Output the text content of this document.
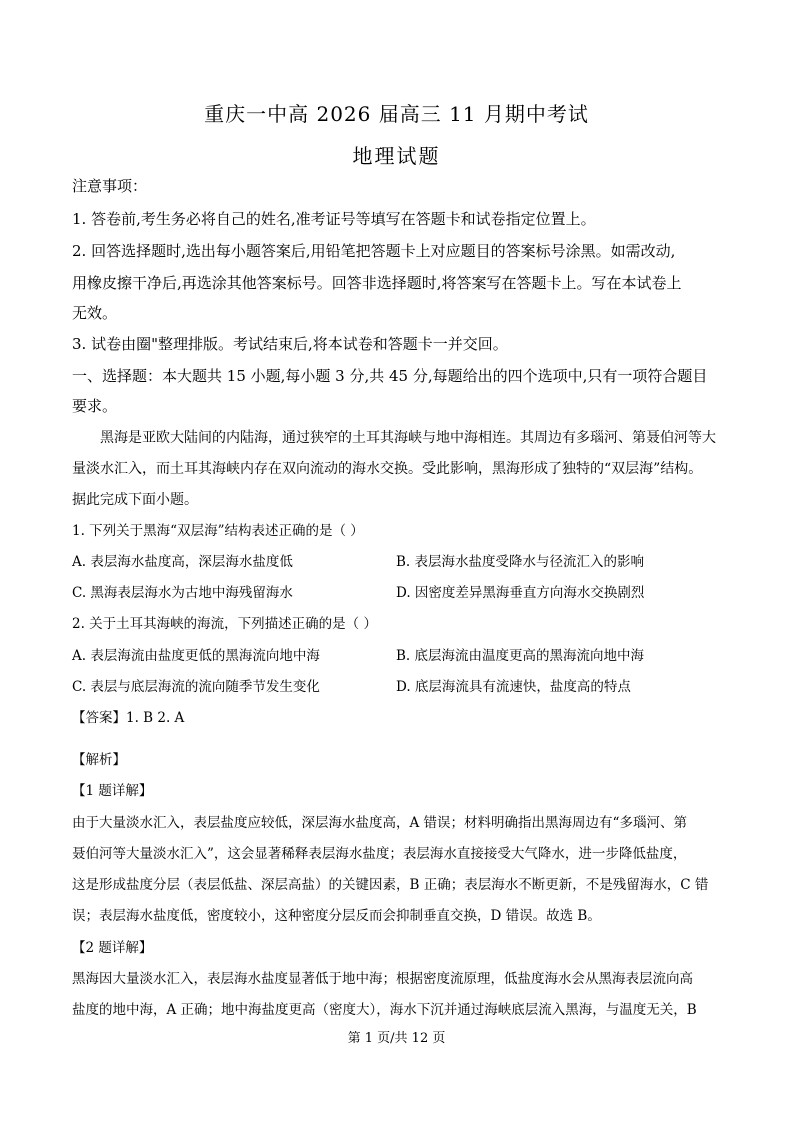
重庆一中高 2026 届高三 11 月期中考试
地理试题
注意事项：
1. 答卷前,考生务必将自己的姓名,准考证号等填写在答题卡和试卷指定位置上。
2. 回答选择题时,选出每小题答案后,用铅笔把答题卡上对应题目的答案标号涂黑。如需改动,
用橡皮擦干净后,再选涂其他答案标号。回答非选择题时,将答案写在答题卡上。写在本试卷上
无效。
3. 试卷由圈"整理排版。考试结束后,将本试卷和答题卡一并交回。
一、选择题：本大题共 15 小题,每小题 3 分,共 45 分,每题给出的四个选项中,只有一项符合题目
要求。
黑海是亚欧大陆间的内陆海，通过狭窄的土耳其海峡与地中海相连。其周边有多瑙河、第聂伯河等大
量淡水汇入，而土耳其海峡内存在双向流动的海水交换。受此影响，黑海形成了独特的“双层海”结构。
据此完成下面小题。
1. 下列关于黑海“双层海”结构表述正确的是（ ）
A. 表层海水盐度高，深层海水盐度低	B. 表层海水盐度受降水与径流汇入的影响
C. 黑海表层海水为古地中海残留海水	D. 因密度差异黑海垂直方向海水交换剧烈
2. 关于土耳其海峡的海流，下列描述正确的是（ ）
A. 表层海流由盐度更低的黑海流向地中海	B. 底层海流由温度更高的黑海流向地中海
C. 表层与底层海流的流向随季节发生变化	D. 底层海流具有流速快，盐度高的特点
【答案】1. B 2. A
【解析】
【1 题详解】
由于大量淡水汇入，表层盐度应较低，深层海水盐度高，A 错误；材料明确指出黑海周边有“多瑙河、第
聂伯河等大量淡水汇入”，这会显著稀释表层海水盐度；表层海水直接接受大气降水，进一步降低盐度，
这是形成盐度分层（表层低盐、深层高盐）的关键因素，B 正确；表层海水不断更新，不是残留海水，C 错
误；表层海水盐度低，密度较小，这种密度分层反而会抑制垂直交换，D 错误。故选 B。
【2 题详解】
黑海因大量淡水汇入，表层海水盐度显著低于地中海；根据密度流原理，低盐度海水会从黑海表层流向高
盐度的地中海，A 正确；地中海盐度更高（密度大），海水下沉并通过海峡底层流入黑海，与温度无关，B
第 1 页/共 12 页
